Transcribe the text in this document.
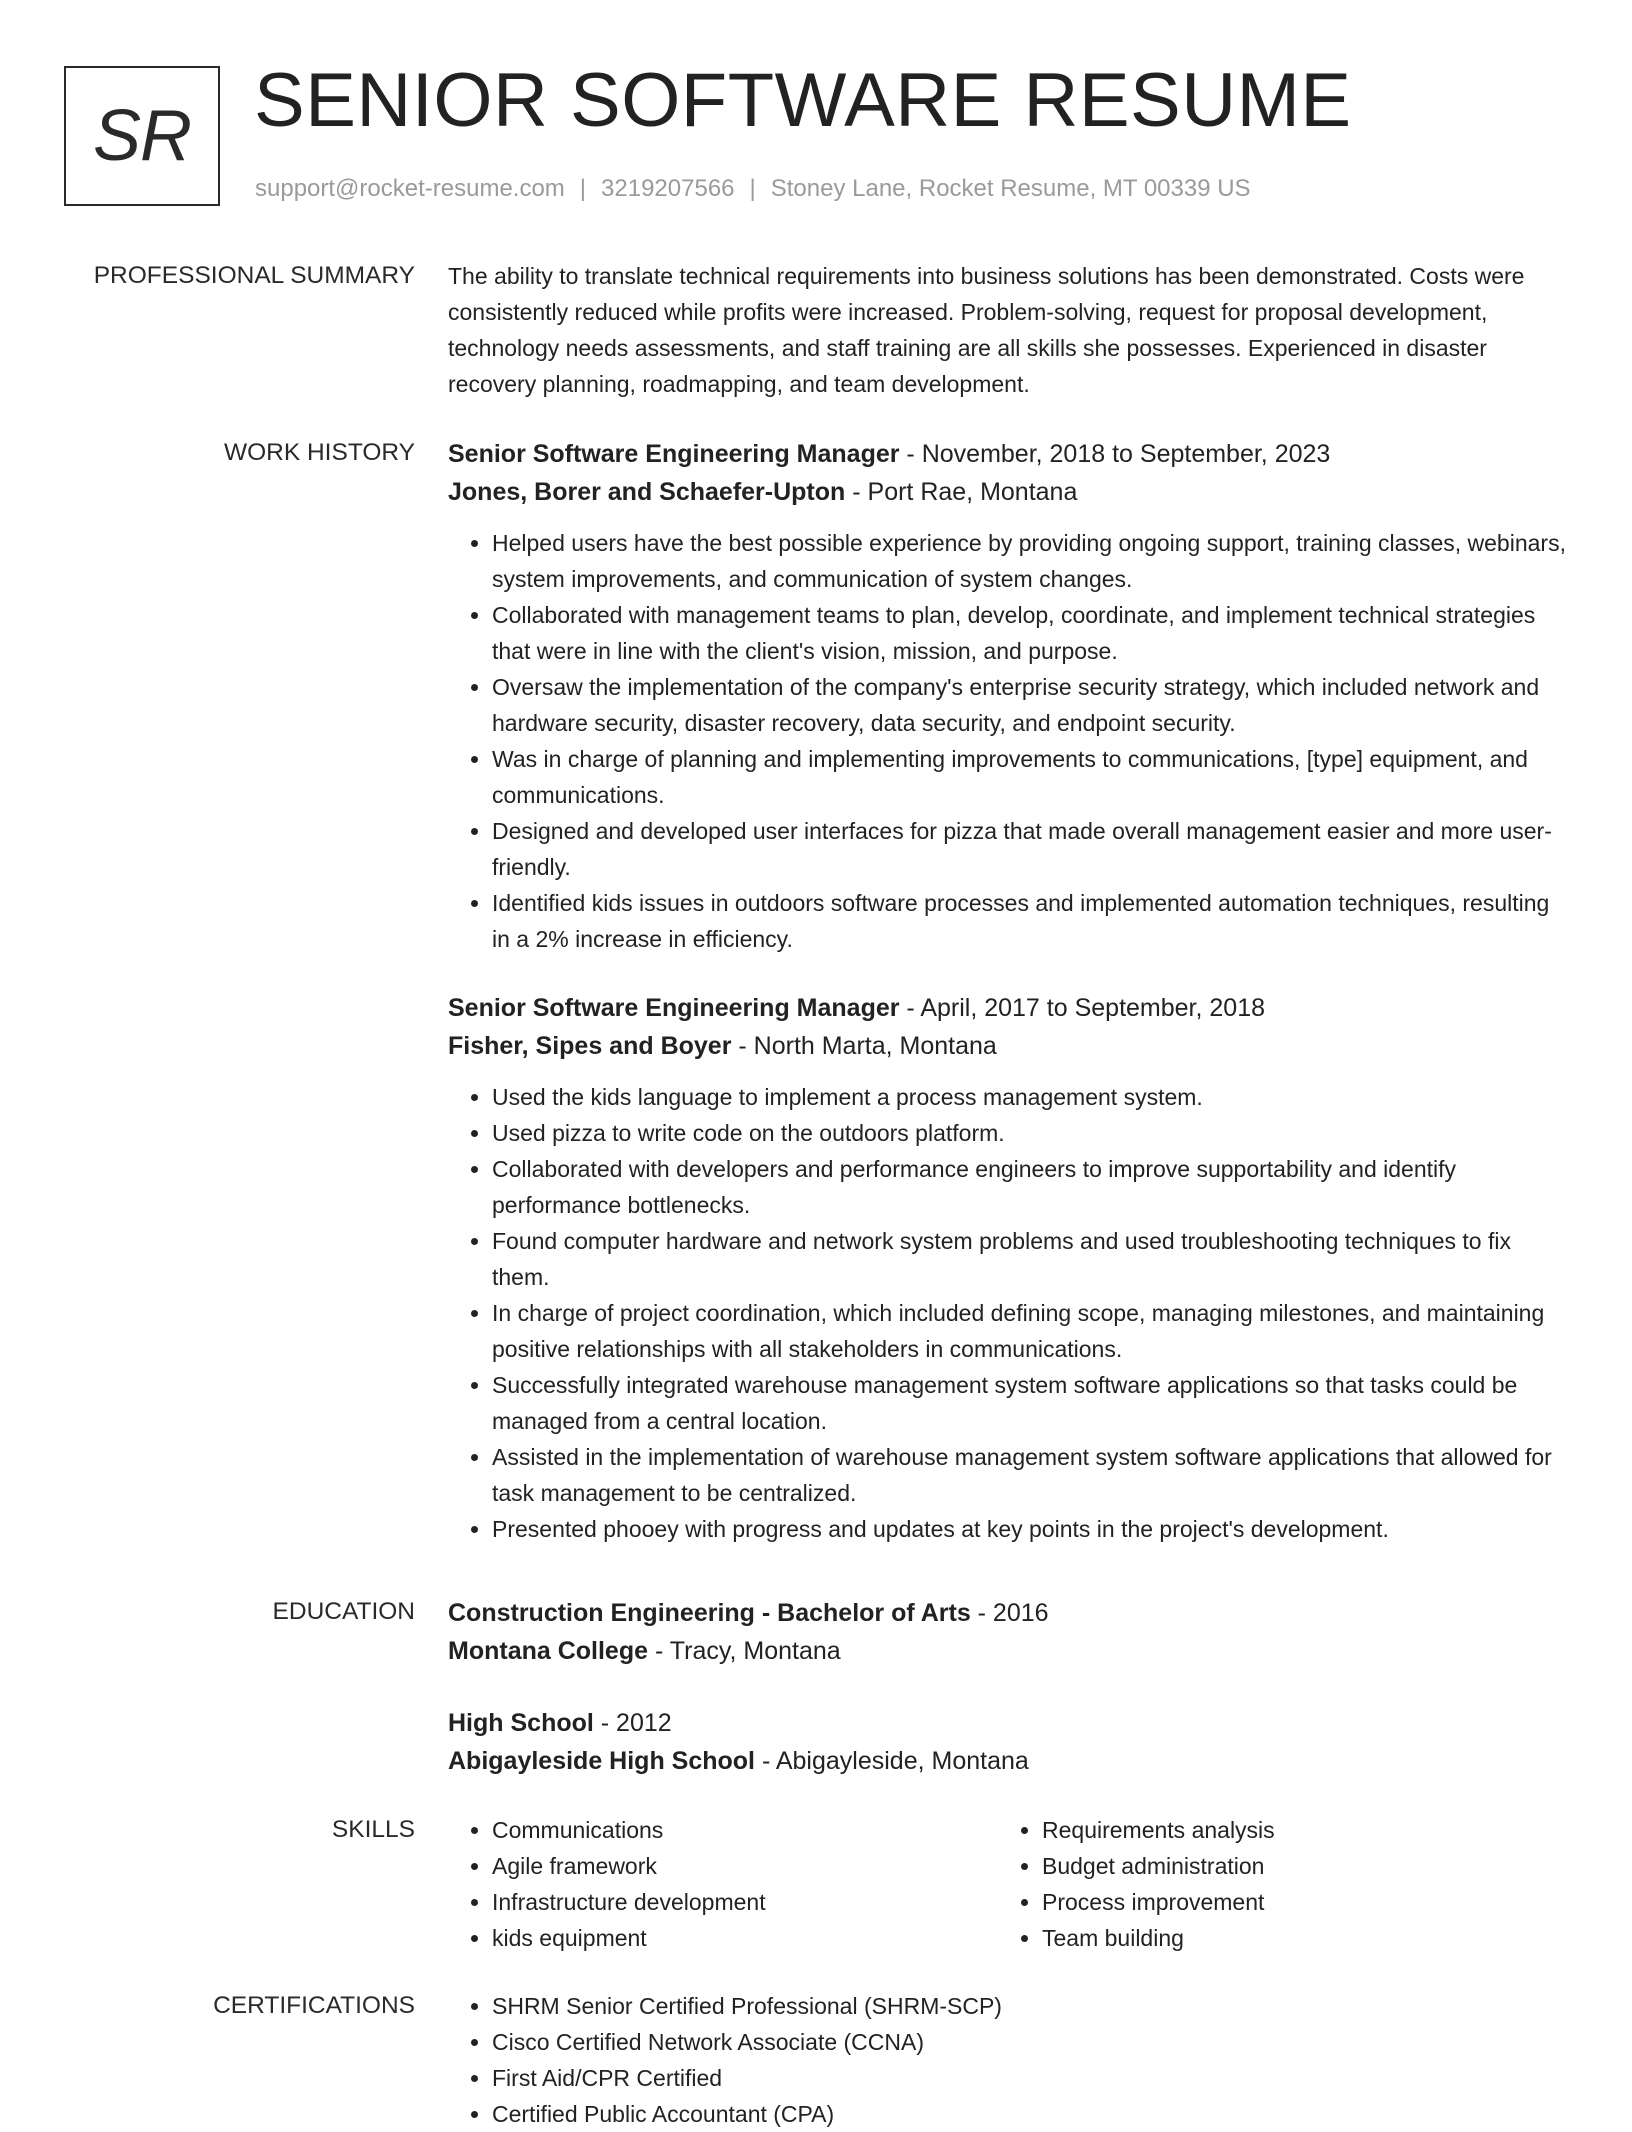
SR SENIOR SOFTWARE RESUME
support@rocket-resume.com | 3219207566 | Stoney Lane, Rocket Resume, MT 00339 US
PROFESSIONAL SUMMARY The ability to translate technical requirements into business solutions has been demonstrated. Costs were consistently reduced while profits were increased. Problem-solving, request for proposal development, technology needs assessments, and staff training are all skills she possesses. Experienced in disaster recovery planning, roadmapping, and team development.

WORK HISTORY Senior Software Engineering Manager - November, 2018 to September, 2023
Jones, Borer and Schaefer-Upton - Port Rae, Montana
• Helped users have the best possible experience by providing ongoing support, training classes, webinars, system improvements, and communication of system changes.
• Collaborated with management teams to plan, develop, coordinate, and implement technical strategies that were in line with the client's vision, mission, and purpose.
• Oversaw the implementation of the company's enterprise security strategy, which included network and hardware security, disaster recovery, data security, and endpoint security.
• Was in charge of planning and implementing improvements to communications, [type] equipment, and communications.
• Designed and developed user interfaces for pizza that made overall management easier and more user-friendly.
• Identified kids issues in outdoors software processes and implemented automation techniques, resulting in a 2% increase in efficiency.
Senior Software Engineering Manager - April, 2017 to September, 2018
Fisher, Sipes and Boyer - North Marta, Montana
• Used the kids language to implement a process management system.
• Used pizza to write code on the outdoors platform.
• Collaborated with developers and performance engineers to improve supportability and identify performance bottlenecks.
• Found computer hardware and network system problems and used troubleshooting techniques to fix them.
• In charge of project coordination, which included defining scope, managing milestones, and maintaining positive relationships with all stakeholders in communications.
• Successfully integrated warehouse management system software applications so that tasks could be managed from a central location.
• Assisted in the implementation of warehouse management system software applications that allowed for task management to be centralized.
• Presented phooey with progress and updates at key points in the project's development.
EDUCATION Construction Engineering - Bachelor of Arts - 2016
Montana College - Tracy, Montana
High School - 2012
Abigayleside High School - Abigayleside, Montana
SKILLS	• Communications
• Agile framework
• Infrastructure development
• kids equipment
• Requirements analysis
• Budget administration
• Process improvement
• Team building
CERTIFICATIONS	• SHRM Senior Certified Professional (SHRM-SCP)
• Cisco Certified Network Associate (CCNA)
• First Aid/CPR Certified
• Certified Public Accountant (CPA)
